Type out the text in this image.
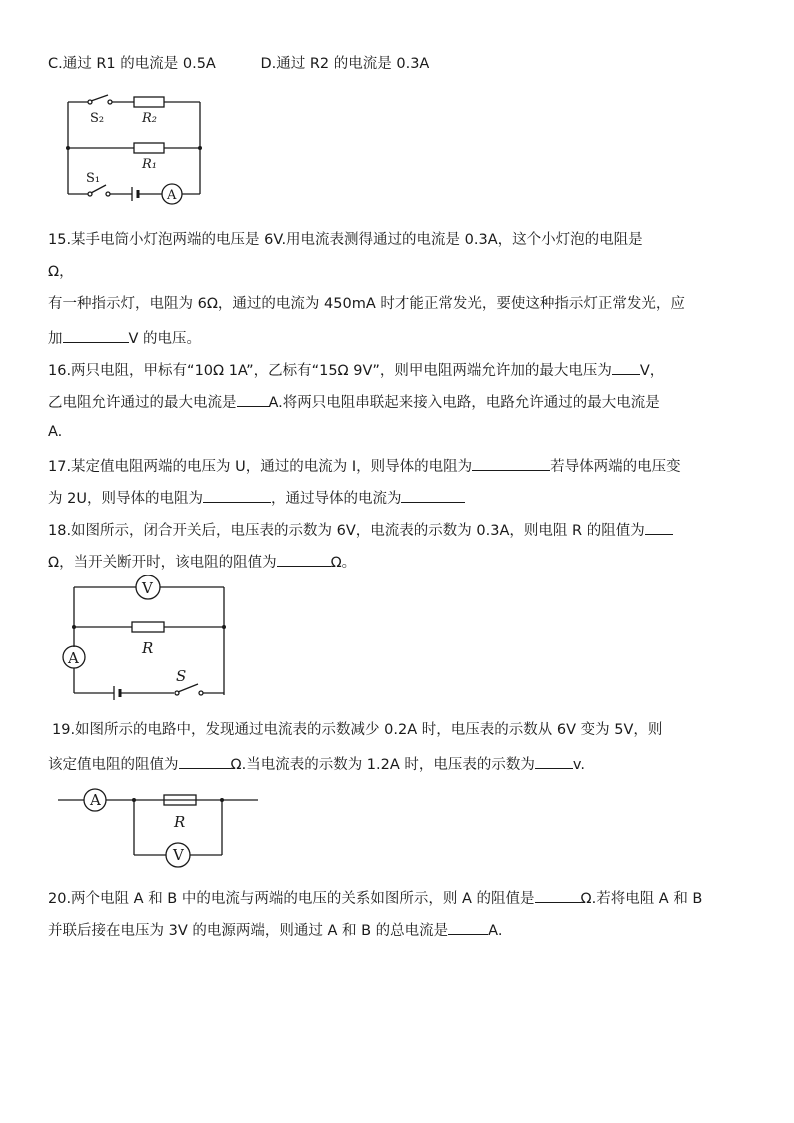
C.通过 R1 的电流是 0.5A	D.通过 R2 的电流是 0.3A
S₂	R₂
R₁
S₁
A
15.某手电筒小灯泡两端的电压是 6V.用电流表测得通过的电流是 0.3A，这个小灯泡的电阻是
Ω，
有一种指示灯，电阻为 6Ω，通过的电流为 450mA 时才能正常发光，要使这种指示灯正常发光，应
加	V 的电压。
16.两只电阻，甲标有“10Ω 1A”，乙标有“15Ω 9V”，则甲电阻两端允许加的最大电压为 V，
乙电阻允许通过的最大电流是 A.将两只电阻串联起来接入电路，电路允许通过的最大电流是
A.
17.某定值电阻两端的电压为 U，通过的电流为 I，则导体的电阻为	若导体两端的电压变
为 2U，则导体的电阻为	，通过导体的电流为
18.如图所示，闭合开关后，电压表的示数为 6V，电流表的示数为 0.3A，则电阻 R 的阻值为
Ω，当开关断开时，该电阻的阻值为	Ω。
V
R
A
S
19.如图所示的电路中，发现通过电流表的示数减少 0.2A 时，电压表的示数从 6V 变为 5V，则
该定值电阻的阻值为	Ω.当电流表的示数为 1.2A 时，电压表的示数为	v.
A
R
V
20.两个电阻 A 和 B 中的电流与两端的电压的关系如图所示，则 A 的阻值是	Ω.若将电阻 A 和 B
并联后接在电压为 3V 的电源两端，则通过 A 和 B 的总电流是	A.
